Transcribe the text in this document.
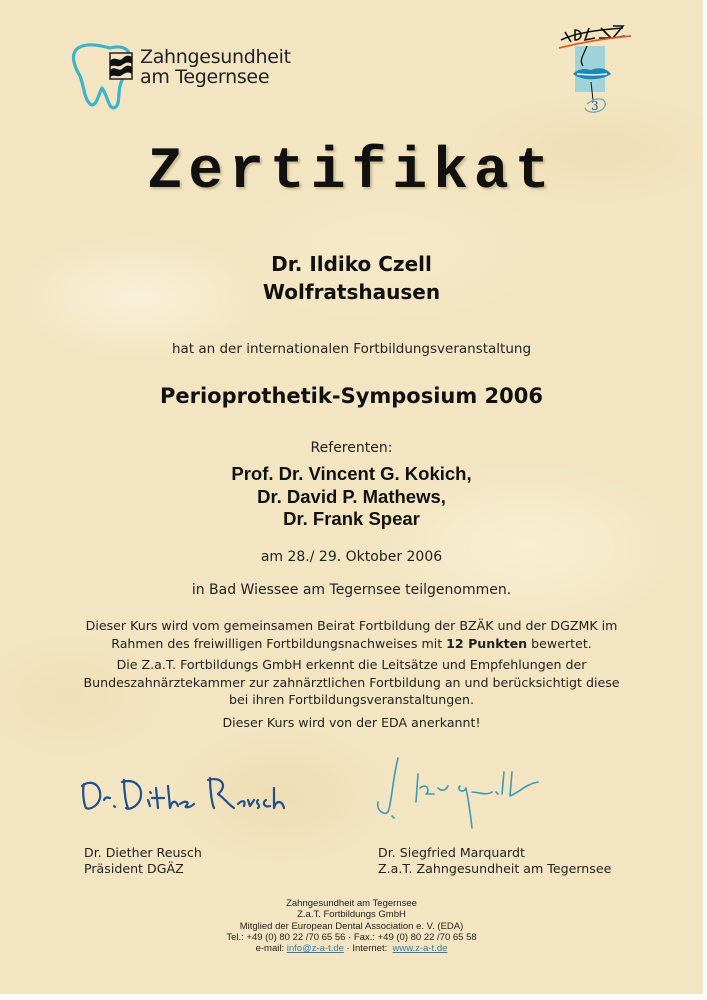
Zahngesundheit
am Tegernsee
3
Zertifikat
Dr. Ildiko Czell
Wolfratshausen
hat an der internationalen Fortbildungsveranstaltung
Perioprothetik-Symposium 2006
Referenten:
Prof. Dr. Vincent G. Kokich,
Dr. David P. Mathews,
Dr. Frank Spear
am 28./ 29. Oktober 2006
in Bad Wiessee am Tegernsee teilgenommen.
Dieser Kurs wird vom gemeinsamen Beirat Fortbildung der BZÄK und der DGZMK im
Rahmen des freiwilligen Fortbildungsnachweises mit 12 Punkten bewertet.
Die Z.a.T. Fortbildungs GmbH erkennt die Leitsätze und Empfehlungen der
Bundeszahnärztekammer zur zahnärztlichen Fortbildung an und berücksichtigt diese
bei ihren Fortbildungsveranstaltungen.
Dieser Kurs wird von der EDA anerkannt!
Dr. Diether Reusch
Präsident DGÄZ
Dr. Siegfried Marquardt
Z.a.T. Zahngesundheit am Tegernsee
Zahngesundheit am Tegernsee
Z.a.T. Fortbildungs GmbH
Mitglied der European Dental Association e. V. (EDA)
Tel.: +49 (0) 80 22 /70 65 56 · Fax.: +49 (0) 80 22 /70 65 58
e-mail: info@z-a-t.de · Internet:  www.z-a-t.de
